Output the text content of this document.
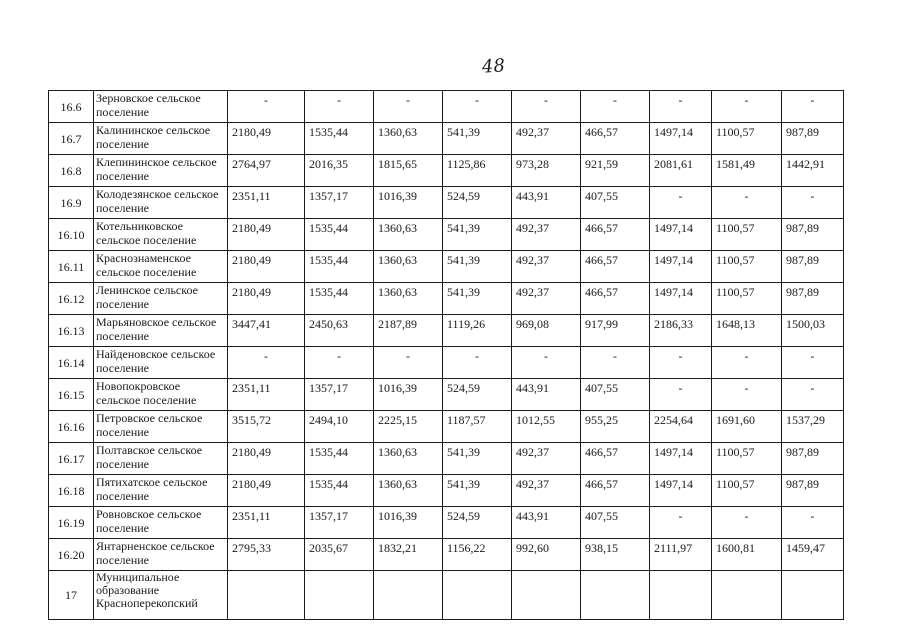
48
16.6	Зерновское сельское поселение	-	-	-	-	-	-	-	-	-
16.7	Калининское сельское поселение	2180,49	1535,44	1360,63	541,39	492,37	466,57	1497,14	1100,57	987,89
16.8	Клепининское сельское поселение	2764,97	2016,35	1815,65	1125,86	973,28	921,59	2081,61	1581,49	1442,91
16.9	Колодезянское сельское поселение	2351,11	1357,17	1016,39	524,59	443,91	407,55	-	-	-
16.10	Котельниковское сельское поселение	2180,49	1535,44	1360,63	541,39	492,37	466,57	1497,14	1100,57	987,89
16.11	Краснознаменское сельское поселение	2180,49	1535,44	1360,63	541,39	492,37	466,57	1497,14	1100,57	987,89
16.12	Ленинское сельское поселение	2180,49	1535,44	1360,63	541,39	492,37	466,57	1497,14	1100,57	987,89
16.13	Марьяновское сельское поселение	3447,41	2450,63	2187,89	1119,26	969,08	917,99	2186,33	1648,13	1500,03
16.14	Найденовское сельское поселение	-	-	-	-	-	-	-	-	-
16.15	Новопокровское сельское поселение	2351,11	1357,17	1016,39	524,59	443,91	407,55	-	-	-
16.16	Петровское сельское поселение	3515,72	2494,10	2225,15	1187,57	1012,55	955,25	2254,64	1691,60	1537,29
16.17	Полтавское сельское поселение	2180,49	1535,44	1360,63	541,39	492,37	466,57	1497,14	1100,57	987,89
16.18	Пятихатское сельское поселение	2180,49	1535,44	1360,63	541,39	492,37	466,57	1497,14	1100,57	987,89
16.19	Ровновское сельское поселение	2351,11	1357,17	1016,39	524,59	443,91	407,55	-	-	-
16.20	Янтарненское сельское поселение	2795,33	2035,67	1832,21	1156,22	992,60	938,15	2111,97	1600,81	1459,47
17	Муниципальное образование Красноперекопский									
